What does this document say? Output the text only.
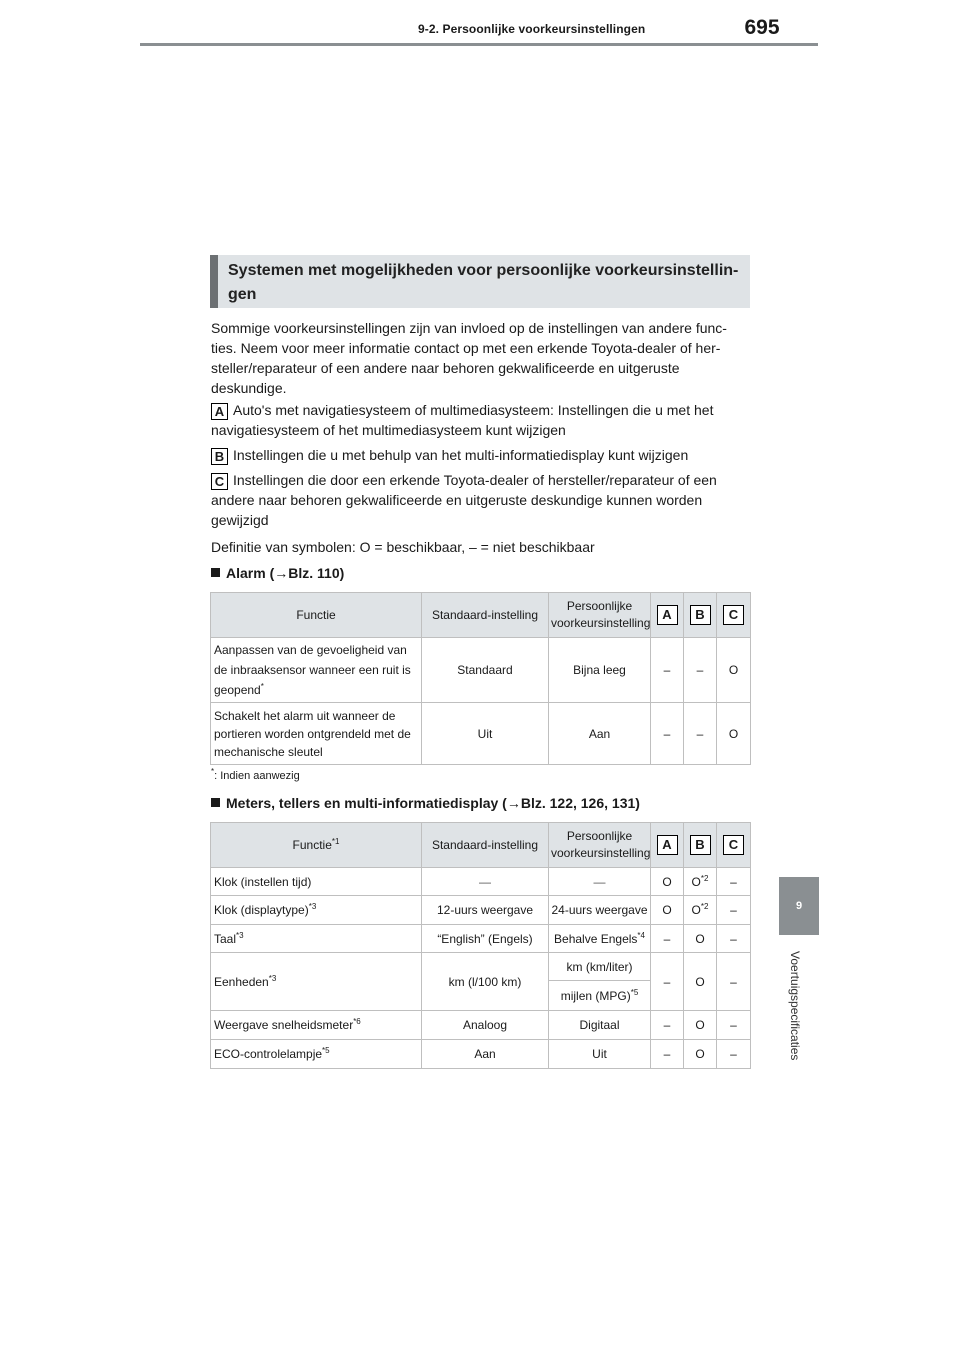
9-2. Persoonlijke voorkeursinstellingen	695
9
Voertuigspecificaties
Systemen met mogelijkheden voor persoonlijke voorkeursinstellin-gen
Sommige voorkeursinstellingen zijn van invloed op de instellingen van andere func-ties. Neem voor meer informatie contact op met een erkende Toyota-dealer of her-steller/reparateur of een andere naar behoren gekwalificeerde en uitgeruste deskundige.
A Auto's met navigatiesysteem of multimediasysteem: Instellingen die u met het navigatiesysteem of het multimediasysteem kunt wijzigen
B Instellingen die u met behulp van het multi-informatiedisplay kunt wijzigen
C Instellingen die door een erkende Toyota-dealer of hersteller/reparateur of een andere naar behoren gekwalificeerde en uitgeruste deskundige kunnen worden gewijzigd
Definitie van symbolen: O = beschikbaar, – = niet beschikbaar
Alarm (→Blz. 110)
Functie	Standaard-instelling	Persoonlijke voorkeursinstelling	A	B	C
Aanpassen van de gevoeligheid van de inbraaksensor wanneer een ruit is geopend*	Standaard	Bijna leeg	–	–	O
Schakelt het alarm uit wanneer de portieren worden ontgrendeld met de mechanische sleutel	Uit	Aan	–	–	O
*: Indien aanwezig
Meters, tellers en multi-informatiedisplay (→Blz. 122, 126, 131)
Functie$^{*1}$	Standaard-instelling	Persoonlijke voorkeursinstelling	A	B	C
Klok (instellen tijd)	—	—	O	$O^{*2}$	–
Klok (displaytype)$^{*3}$	12-uurs weergave	24-uurs weergave	O	$O^{*2}$	–
Taal$^{*3}$	“English” (Engels)	Behalve Engels$^{*4}$	–	O	–
Eenheden$^{*3}$	km (l/100 km)	km (km/liter)	–	O	–
		mijlen (MPG)$^{*5}$
Weergave snelheidsmeter$^{*6}$	Analoog	Digitaal	–	O	–
ECO-controlelampje$^{*5}$	Aan	Uit	–	O	–
